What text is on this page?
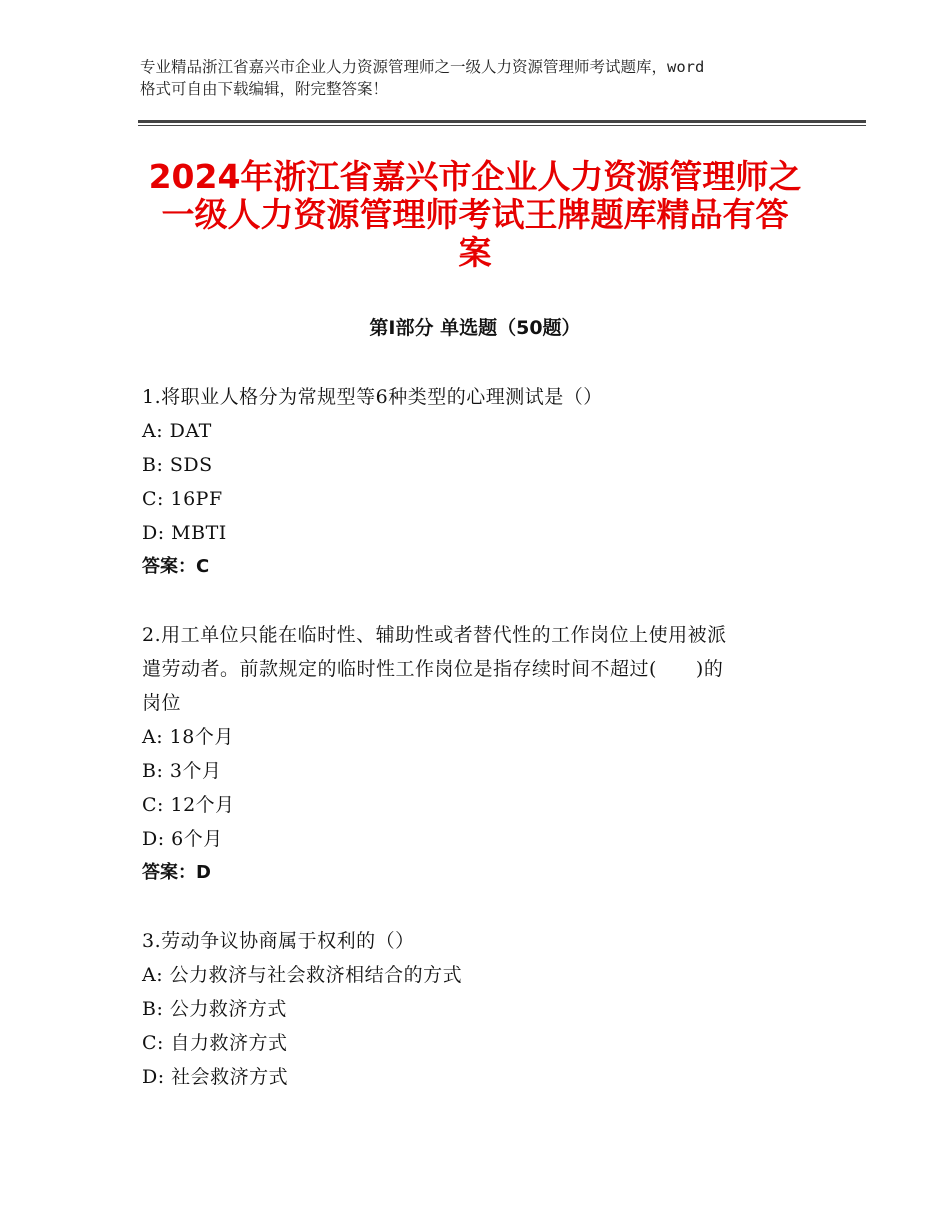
专业精品浙江省嘉兴市企业人力资源管理师之一级人力资源管理师考试题库，word
格式可自由下载编辑，附完整答案！
2024年浙江省嘉兴市企业人力资源管理师之
一级人力资源管理师考试王牌题库精品有答
案
第Ⅰ部分 单选题（50题）
1.将职业人格分为常规型等6种类型的心理测试是（）
A: DAT
B: SDS
C: 16PF
D: MBTI
答案：C
2.用工单位只能在临时性、辅助性或者替代性的工作岗位上使用被派
遣劳动者。前款规定的临时性工作岗位是指存续时间不超过(　　)的
岗位
A: 18个月
B: 3个月
C: 12个月
D: 6个月
答案：D
3.劳动争议协商属于权利的（）
A: 公力救济与社会救济相结合的方式
B: 公力救济方式
C: 自力救济方式
D: 社会救济方式
